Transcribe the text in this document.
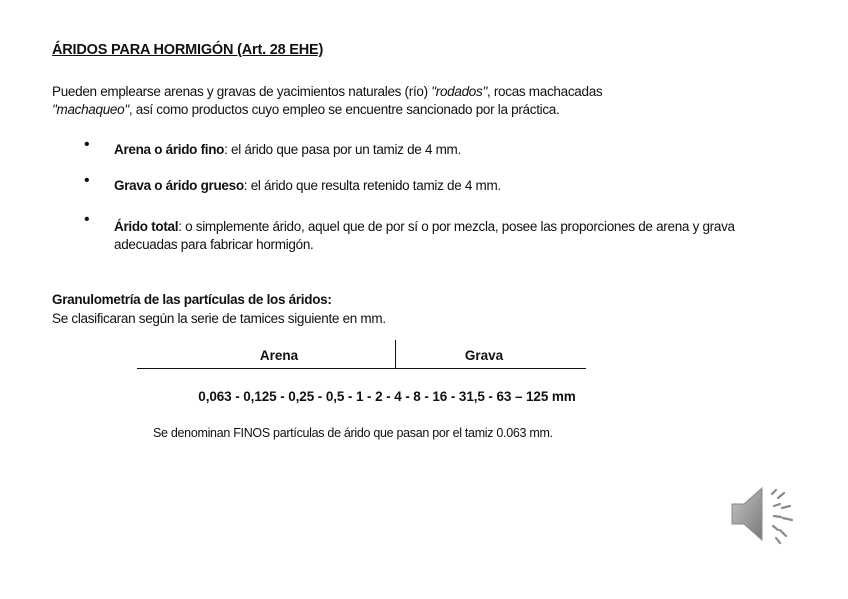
ÁRIDOS PARA HORMIGÓN (Art. 28 EHE)
Pueden emplearse arenas y gravas de yacimientos naturales (río) "rodados", rocas machacadas
"machaqueo", así como productos cuyo empleo se encuentre sancionado por la práctica.
• Arena o árido fino: el árido que pasa por un tamiz de 4 mm.
• Grava o árido grueso: el árido que resulta retenido tamiz de 4 mm.
• Árido total: o simplemente árido, aquel que de por sí o por mezcla, posee las proporciones de arena y grava adecuadas para fabricar hormigón.
Granulometría de las partículas de los áridos:
Se clasificaran según la serie de tamices siguiente en mm.
Arena	Grava
0,063 - 0,125 - 0,25 - 0,5 - 1 - 2 - 4 - 8 - 16 - 31,5 - 63 – 125 mm
Se denominan FINOS partículas de árido que pasan por el tamiz 0.063 mm.
